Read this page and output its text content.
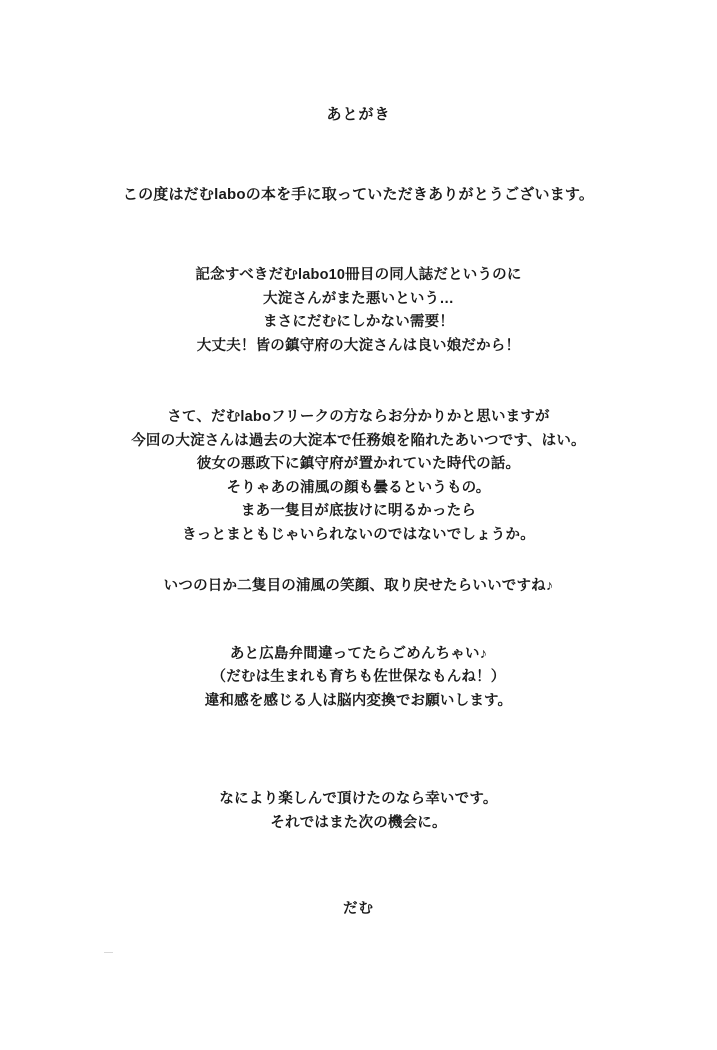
あとがき

この度はだむlaboの本を手に取っていただきありがとうございます。

記念すべきだむlabo10冊目の同人誌だというのに
大淀さんがまた悪いという…
まさにだむにしかない需要！
大丈夫！皆の鎮守府の大淀さんは良い娘だから！

さて、だむlaboフリークの方ならお分かりかと思いますが
今回の大淀さんは過去の大淀本で任務娘を陥れたあいつです、はい。
彼女の悪政下に鎮守府が置かれていた時代の話。
そりゃあの浦風の顔も曇るというもの。
まあ一隻目が底抜けに明るかったら
きっとまともじゃいられないのではないでしょうか。

いつの日か二隻目の浦風の笑顔、取り戻せたらいいですね♪

あと広島弁間違ってたらごめんちゃい♪
（だむは生まれも育ちも佐世保なもんね！）
違和感を感じる人は脳内変換でお願いします。

なにより楽しんで頂けたのなら幸いです。
それではまた次の機会に。

だむ
